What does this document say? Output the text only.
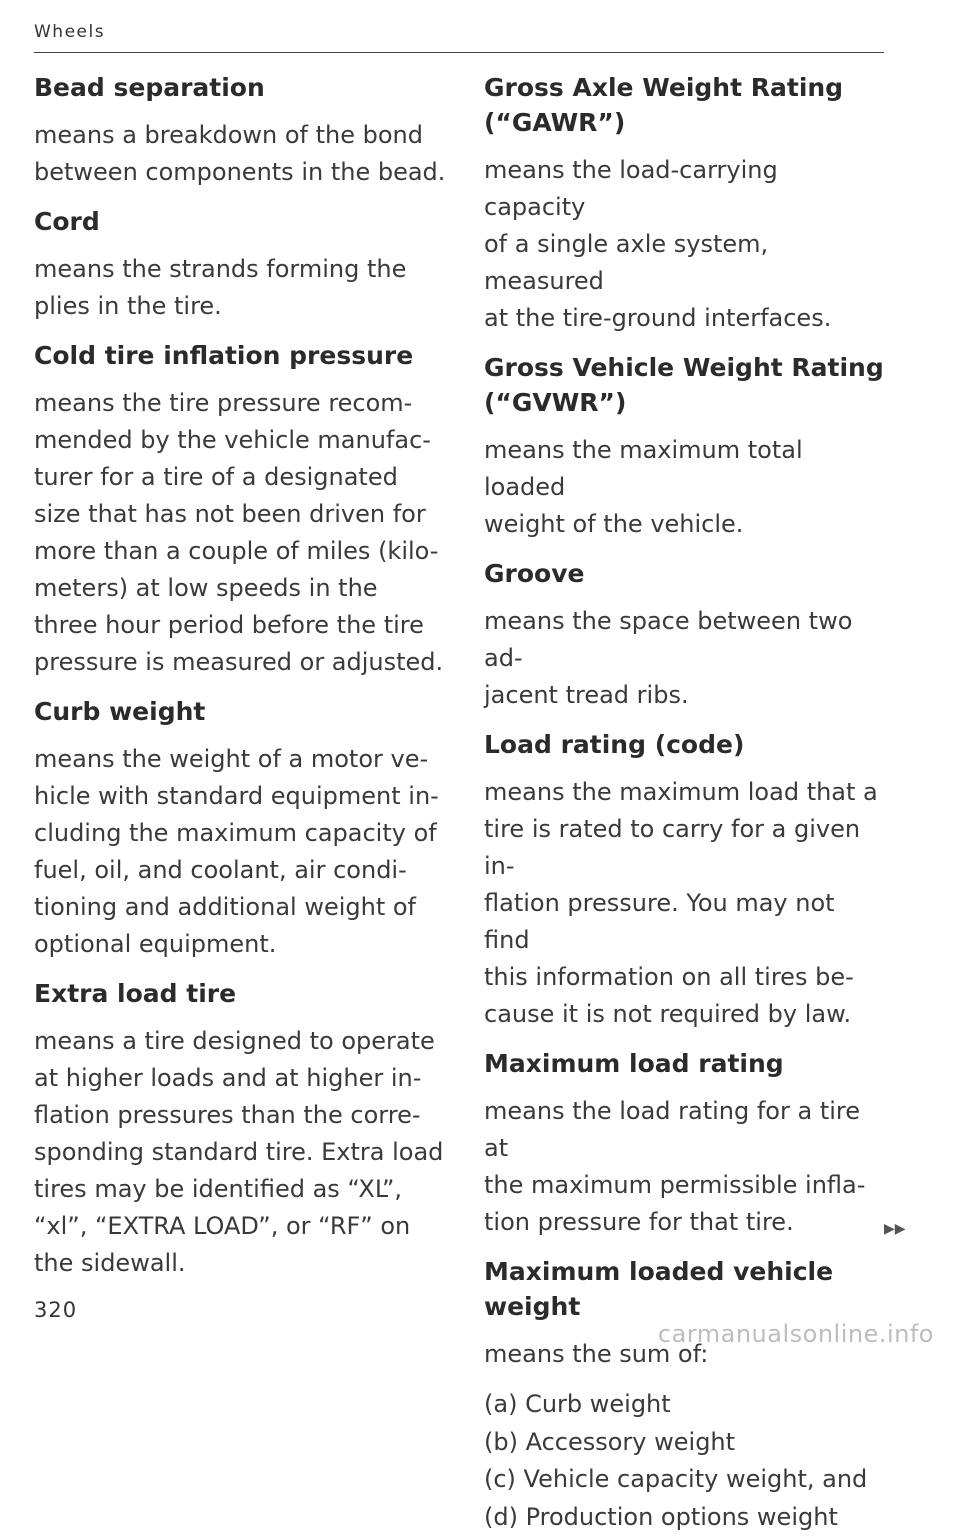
Wheels
Bead separation

means a breakdown of the bond
between components in the bead.

Cord

means the strands forming the
plies in the tire.

Cold tire inflation pressure

means the tire pressure recom-
mended by the vehicle manufac-
turer for a tire of a designated
size that has not been driven for
more than a couple of miles (kilo-
meters) at low speeds in the
three hour period before the tire
pressure is measured or adjusted.

Curb weight

means the weight of a motor ve-
hicle with standard equipment in-
cluding the maximum capacity of
fuel, oil, and coolant, air condi-
tioning and additional weight of
optional equipment.

Extra load tire

means a tire designed to operate
at higher loads and at higher in-
flation pressures than the corre-
sponding standard tire. Extra load
tires may be identified as “XL”,
“xl”, “EXTRA LOAD”, or “RF” on
the sidewall.

Gross Axle Weight Rating
(“GAWR”)

means the load-carrying capacity
of a single axle system, measured
at the tire-ground interfaces.

Gross Vehicle Weight Rating
(“GVWR”)

means the maximum total loaded
weight of the vehicle.

Groove

means the space between two ad-
jacent tread ribs.

Load rating (code)

means the maximum load that a
tire is rated to carry for a given in-
flation pressure. You may not find
this information on all tires be-
cause it is not required by law.

Maximum load rating

means the load rating for a tire at
the maximum permissible infla-
tion pressure for that tire.

Maximum loaded vehicle
weight

means the sum of:

(a) Curb weight
(b) Accessory weight
(c) Vehicle capacity weight, and
(d) Production options weight
▶▶
320
carmanualsonline.info
